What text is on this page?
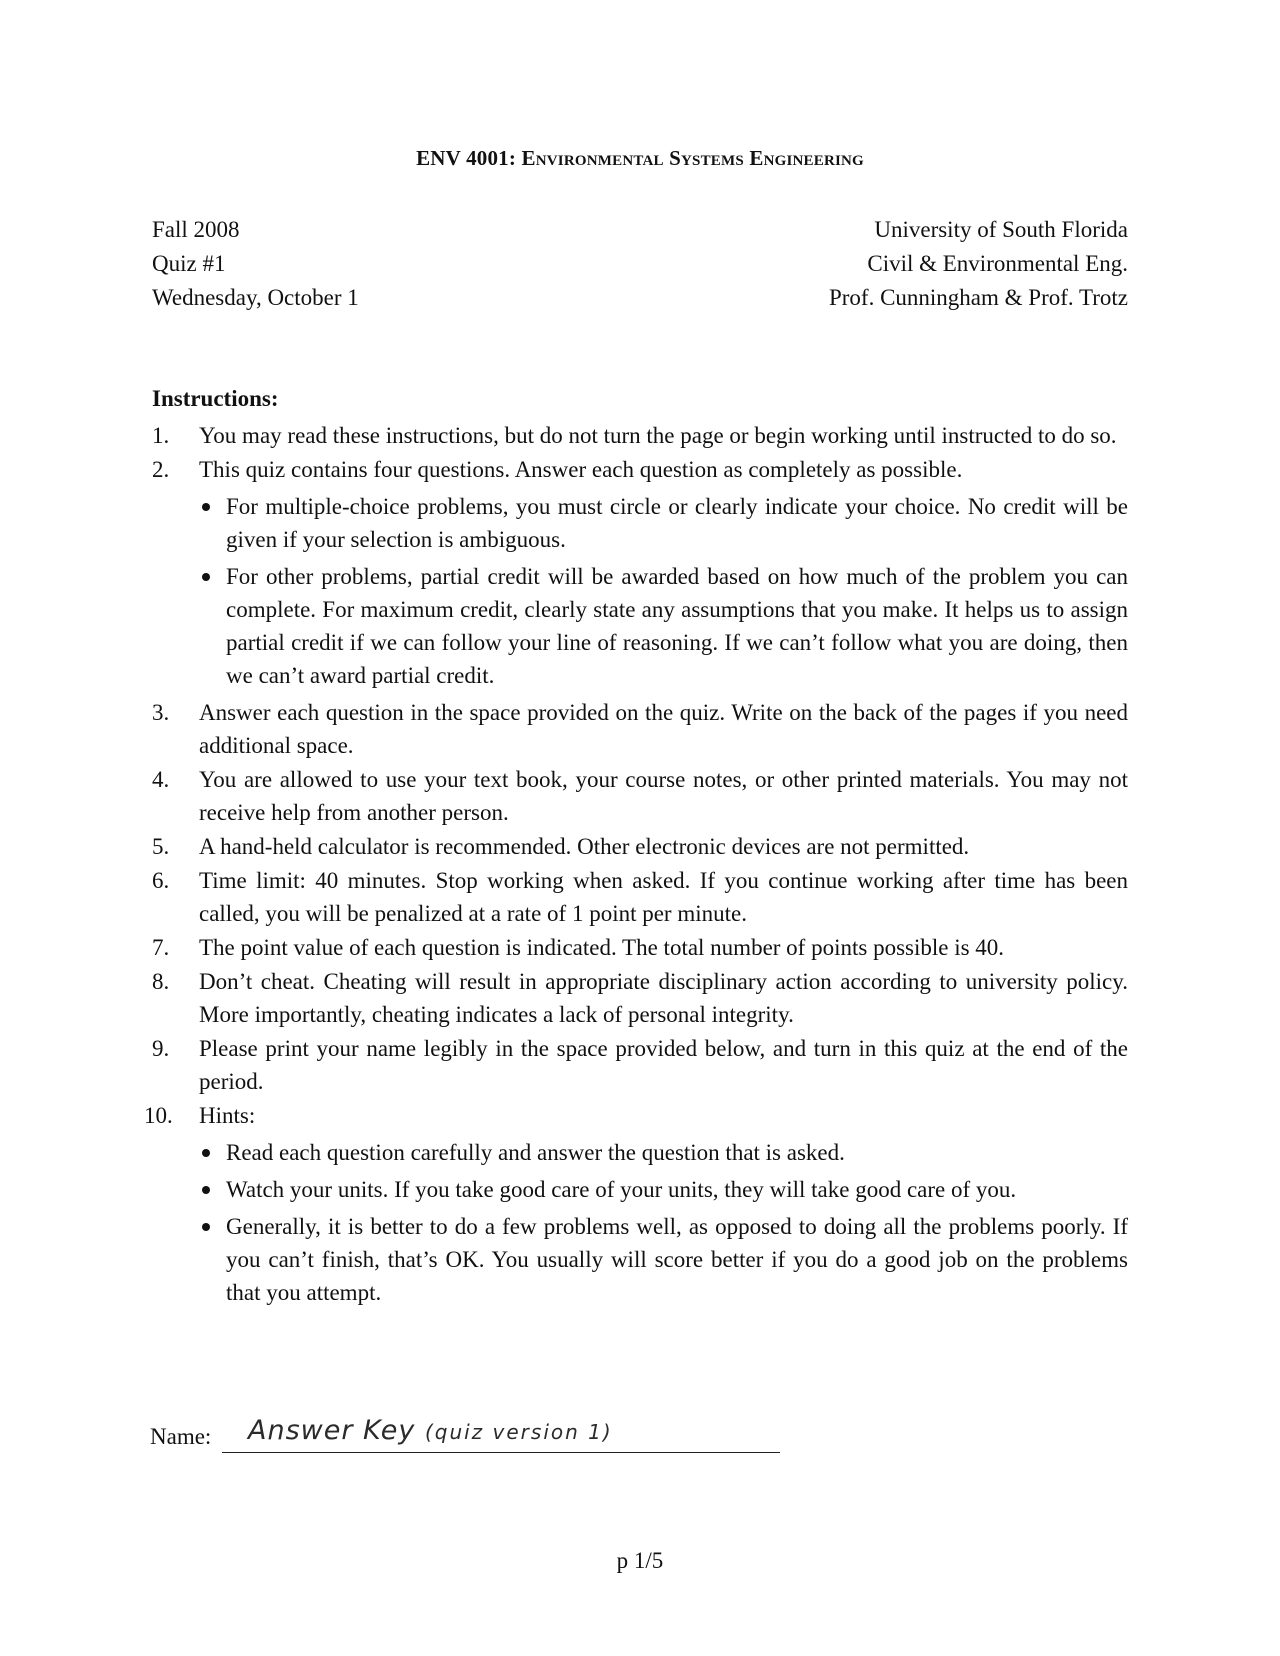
ENV 4001: Environmental Systems Engineering
Fall 2008
Quiz #1
Wednesday, October 1
University of South Florida
Civil & Environmental Eng.
Prof. Cunningham & Prof. Trotz
Instructions:
1.	You may read these instructions, but do not turn the page or begin working until instructed to do so.
2.	This quiz contains four questions. Answer each question as completely as possible.
For multiple-choice problems, you must circle or clearly indicate your choice. No credit will be given if your selection is ambiguous.
For other problems, partial credit will be awarded based on how much of the problem you can complete. For maximum credit, clearly state any assumptions that you make. It helps us to assign partial credit if we can follow your line of reasoning. If we can’t follow what you are doing, then we can’t award partial credit.
3.	Answer each question in the space provided on the quiz. Write on the back of the pages if you need additional space.
4.	You are allowed to use your text book, your course notes, or other printed materials. You may not receive help from another person.
5.	A hand-held calculator is recommended. Other electronic devices are not permitted.
6.	Time limit: 40 minutes. Stop working when asked. If you continue working after time has been called, you will be penalized at a rate of 1 point per minute.
7.	The point value of each question is indicated. The total number of points possible is 40.
8.	Don’t cheat. Cheating will result in appropriate disciplinary action according to university policy. More importantly, cheating indicates a lack of personal integrity.
9.	Please print your name legibly in the space provided below, and turn in this quiz at the end of the period.
10.	Hints:
Read each question carefully and answer the question that is asked.
Watch your units. If you take good care of your units, they will take good care of you.
Generally, it is better to do a few problems well, as opposed to doing all the problems poorly. If you can’t finish, that’s OK. You usually will score better if you do a good job on the problems that you attempt.
Name: Answer Key (quiz version 1)
p 1/5
